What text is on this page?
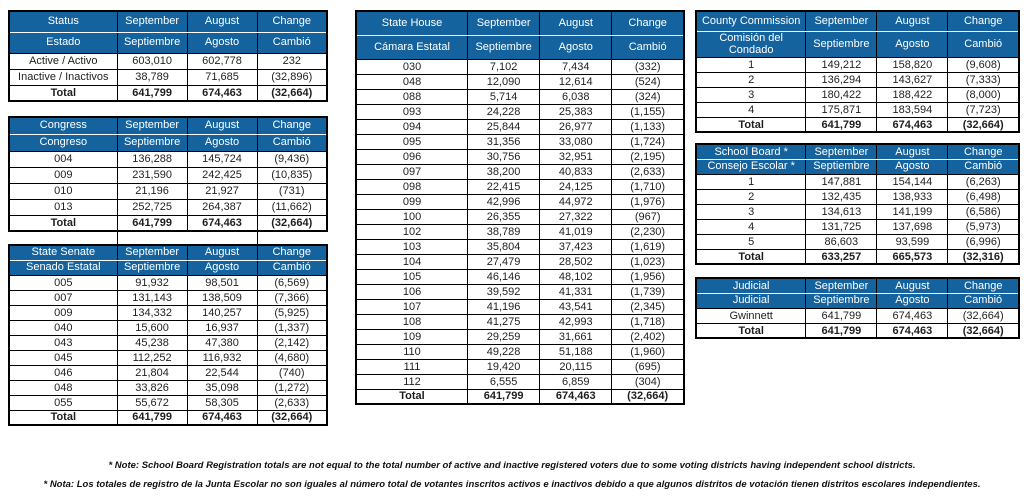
Status	September	August	Change
Estado	Septiembre	Agosto	Cambió
Active / Activo	603,010	602,778	232
Inactive / Inactivos	38,789	71,685	(32,896)
Total	641,799	674,463	(32,664)
Congress	September	August	Change
Congreso	Septiembre	Agosto	Cambió
004	136,288	145,724	(9,436)
009	231,590	242,425	(10,835)
010	21,196	21,927	(731)
013	252,725	264,387	(11,662)
Total	641,799	674,463	(32,664)
State Senate	September	August	Change
Senado Estatal	Septiembre	Agosto	Cambió
005	91,932	98,501	(6,569)
007	131,143	138,509	(7,366)
009	134,332	140,257	(5,925)
040	15,600	16,937	(1,337)
043	45,238	47,380	(2,142)
045	112,252	116,932	(4,680)
046	21,804	22,544	(740)
048	33,826	35,098	(1,272)
055	55,672	58,305	(2,633)
Total	641,799	674,463	(32,664)
State House	September	August	Change
Cámara Estatal	Septiembre	Agosto	Cambió
030	7,102	7,434	(332)
048	12,090	12,614	(524)
088	5,714	6,038	(324)
093	24,228	25,383	(1,155)
094	25,844	26,977	(1,133)
095	31,356	33,080	(1,724)
096	30,756	32,951	(2,195)
097	38,200	40,833	(2,633)
098	22,415	24,125	(1,710)
099	42,996	44,972	(1,976)
100	26,355	27,322	(967)
102	38,789	41,019	(2,230)
103	35,804	37,423	(1,619)
104	27,479	28,502	(1,023)
105	46,146	48,102	(1,956)
106	39,592	41,331	(1,739)
107	41,196	43,541	(2,345)
108	41,275	42,993	(1,718)
109	29,259	31,661	(2,402)
110	49,228	51,188	(1,960)
111	19,420	20,115	(695)
112	6,555	6,859	(304)
Total	641,799	674,463	(32,664)
County Commission	September	August	Change
Comisión del Condado	Septiembre	Agosto	Cambió
1	149,212	158,820	(9,608)
2	136,294	143,627	(7,333)
3	180,422	188,422	(8,000)
4	175,871	183,594	(7,723)
Total	641,799	674,463	(32,664)
School Board *	September	August	Change
Consejo Escolar *	Septiembre	Agosto	Cambió
1	147,881	154,144	(6,263)
2	132,435	138,933	(6,498)
3	134,613	141,199	(6,586)
4	131,725	137,698	(5,973)
5	86,603	93,599	(6,996)
Total	633,257	665,573	(32,316)
Judicial	September	August	Change
Judicial	Septiembre	Agosto	Cambió
Gwinnett	641,799	674,463	(32,664)
Total	641,799	674,463	(32,664)
* Note: School Board Registration totals are not equal to the total number of active and inactive registered voters due to some voting districts having independent school districts.
* Nota: Los totales de registro de la Junta Escolar no son iguales al número total de votantes inscritos activos e inactivos debido a que algunos distritos de votación tienen distritos escolares independientes.
